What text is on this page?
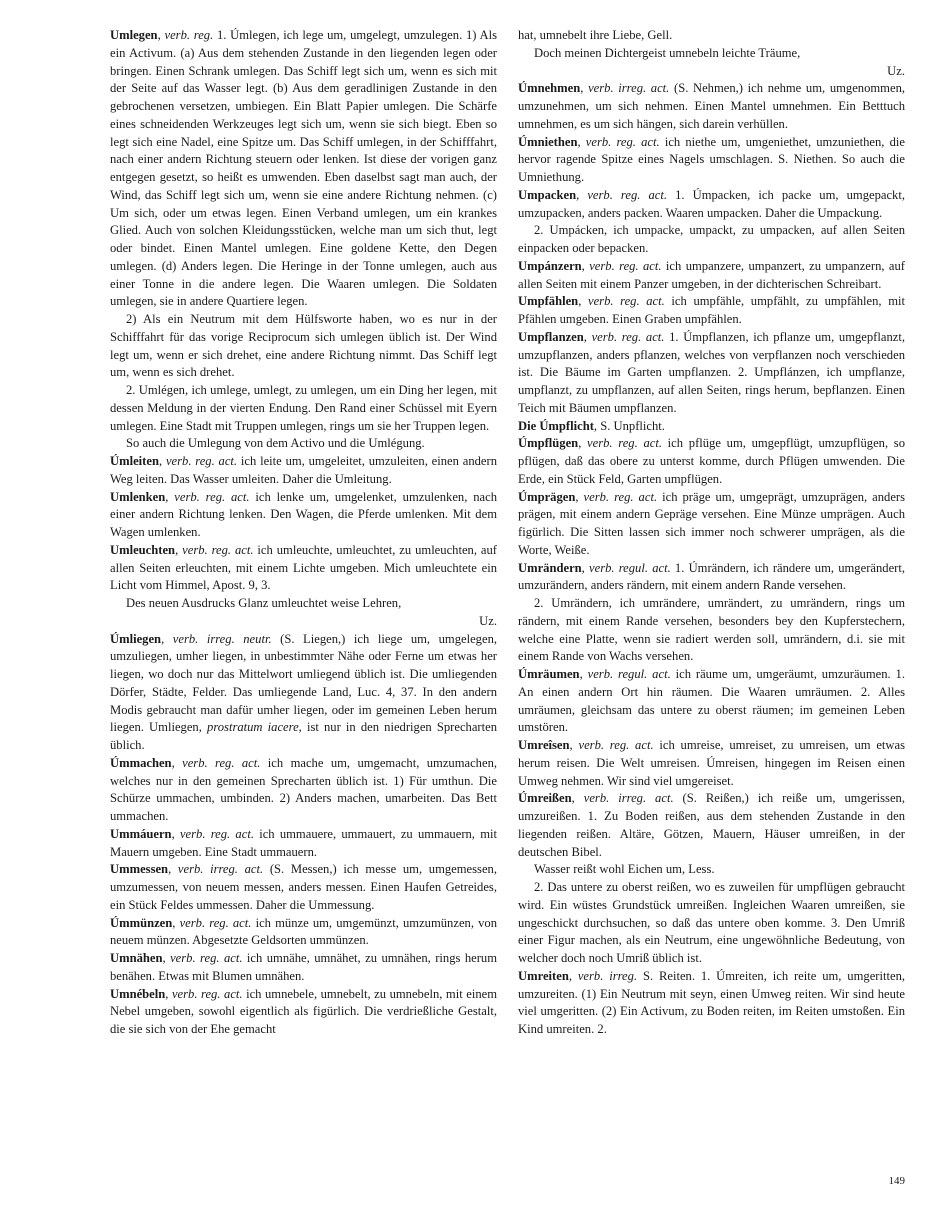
Umlegen, verb. reg. 1. Úmlegen, ich lege um, umgelegt, umzulegen. 1) Als ein Activum. (a) Aus dem stehenden Zustande in den liegenden legen oder bringen. Einen Schrank umlegen. Das Schiff legt sich um, wenn es sich mit der Seite auf das Wasser legt. (b) Aus dem geradlinigen Zustande in den gebrochenen versetzen, umbiegen. Ein Blatt Papier umlegen. Die Schärfe eines schneidenden Werkzeuges legt sich um, wenn sie sich biegt. Eben so legt sich eine Nadel, eine Spitze um. Das Schiff umlegen, in der Schifffahrt, nach einer andern Richtung steuern oder lenken. Ist diese der vorigen ganz entgegen gesetzt, so heißt es umwenden. Eben daselbst sagt man auch, der Wind, das Schiff legt sich um, wenn sie eine andere Richtung nehmen. (c) Um sich, oder um etwas legen. Einen Verband umlegen, um ein krankes Glied. Auch von solchen Kleidungsstücken, welche man um sich thut, legt oder bindet. Einen Mantel umlegen. Eine goldene Kette, den Degen umlegen. (d) Anders legen. Die Heringe in der Tonne umlegen, auch aus einer Tonne in die andere legen. Die Waaren umlegen. Die Soldaten umlegen, sie in andere Quartiere legen.

2) Als ein Neutrum mit dem Hülfsworte haben, wo es nur in der Schifffahrt für das vorige Reciprocum sich umlegen üblich ist. Der Wind legt um, wenn er sich drehet, eine andere Richtung nimmt. Das Schiff legt um, wenn es sich drehet.

2. Umlégen, ich umlege, umlegt, zu umlegen, um ein Ding her legen, mit dessen Meldung in der vierten Endung. Den Rand einer Schüssel mit Eyern umlegen. Eine Stadt mit Truppen umlegen, rings um sie her Truppen legen.

So auch die Umlegung von dem Activo und die Umlégung.

Úmleiten, verb. reg. act. ich leite um, umgeleitet, umzuleiten, einen andern Weg leiten. Das Wasser umleiten. Daher die Umleitung.

Umlenken, verb. reg. act. ich lenke um, umgelenket, umzulenken, nach einer andern Richtung lenken. Den Wagen, die Pferde umlenken. Mit dem Wagen umlenken.

Umleuchten, verb. reg. act. ich umleuchte, umleuchtet, zu umleuchten, auf allen Seiten erleuchten, mit einem Lichte umgeben. Mich umleuchtete ein Licht vom Himmel, Apost. 9, 3.

Des neuen Ausdrucks Glanz umleuchtet weise Lehren,

Uz.

Úmliegen, verb. irreg. neutr. (S. Liegen,) ich liege um, umgelegen, umzuliegen, umher liegen, in unbestimmter Nähe oder Ferne um etwas her liegen, wo doch nur das Mittelwort umliegend üblich ist. Die umliegenden Dörfer, Städte, Felder. Das umliegende Land, Luc. 4, 37. In den andern Modis gebraucht man dafür umher liegen, oder im gemeinen Leben herum liegen. Umliegen, prostratum iacere, ist nur in den niedrigen Sprecharten üblich.

Úmmachen, verb. reg. act. ich mache um, umgemacht, umzumachen, welches nur in den gemeinen Sprecharten üblich ist. 1) Für umthun. Die Schürze ummachen, umbinden. 2) Anders machen, umarbeiten. Das Bett ummachen.

Ummáuern, verb. reg. act. ich ummauere, ummauert, zu ummauern, mit Mauern umgeben. Eine Stadt ummauern.

Ummessen, verb. irreg. act. (S. Messen,) ich messe um, umgemessen, umzumessen, von neuem messen, anders messen. Einen Haufen Getreides, ein Stück Feldes ummessen. Daher die Ummessung.

Úmmünzen, verb. reg. act. ich münze um, umgemünzt, umzumünzen, von neuem münzen. Abgesetzte Geldsorten ummünzen.

Umnähen, verb. reg. act. ich umnähe, umnähet, zu umnähen, rings herum benähen. Etwas mit Blumen umnähen.

Umnébeln, verb. reg. act. ich umnebele, umnebelt, zu umnebeln, mit einem Nebel umgeben, sowohl eigentlich als figürlich. Die verdrießliche Gestalt, die sie sich von der Ehe gemacht

hat, umnebelt ihre Liebe, Gell.

Doch meinen Dichtergeist umnebeln leichte Träume,

Uz.

Úmnehmen, verb. irreg. act. (S. Nehmen,) ich nehme um, umgenommen, umzunehmen, um sich nehmen. Einen Mantel umnehmen. Ein Betttuch umnehmen, es um sich hängen, sich darein verhüllen.

Úmniethen, verb. reg. act. ich niethe um, umgeniethet, umzuniethen, die hervor ragende Spitze eines Nagels umschlagen. S. Niethen. So auch die Umniethung.

Umpacken, verb. reg. act. 1. Úmpacken, ich packe um, umgepackt, umzupacken, anders packen. Waaren umpacken. Daher die Umpackung.

2. Umpácken, ich umpacke, umpackt, zu umpacken, auf allen Seiten einpacken oder bepacken.

Umpánzern, verb. reg. act. ich umpanzere, umpanzert, zu umpanzern, auf allen Seiten mit einem Panzer umgeben, in der dichterischen Schreibart.

Umpfählen, verb. reg. act. ich umpfähle, umpfählt, zu umpfählen, mit Pfählen umgeben. Einen Graben umpfählen.

Umpflanzen, verb. reg. act. 1. Úmpflanzen, ich pflanze um, umgepflanzt, umzupflanzen, anders pflanzen, welches von verpflanzen noch verschieden ist. Die Bäume im Garten umpflanzen. 2. Umpflánzen, ich umpflanze, umpflanzt, zu umpflanzen, auf allen Seiten, rings herum, bepflanzen. Einen Teich mit Bäumen umpflanzen.

Die Úmpflicht, S. Unpflicht.

Úmpflügen, verb. reg. act. ich pflüge um, umgepflügt, umzupflügen, so pflügen, daß das obere zu unterst komme, durch Pflügen umwenden. Die Erde, ein Stück Feld, Garten umpflügen.

Úmprägen, verb. reg. act. ich präge um, umgeprägt, umzuprägen, anders prägen, mit einem andern Gepräge versehen. Eine Münze umprägen. Auch figürlich. Die Sitten lassen sich immer noch schwerer umprägen, als die Worte, Weiße.

Umrändern, verb. regul. act. 1. Úmrändern, ich rändere um, umgerändert, umzurändern, anders rändern, mit einem andern Rande versehen.

2. Umrändern, ich umrändere, umrändert, zu umrändern, rings um rändern, mit einem Rande versehen, besonders bey den Kupferstechern, welche eine Platte, wenn sie radiert werden soll, umrändern, d.i. sie mit einem Rande von Wachs versehen.

Úmräumen, verb. regul. act. ich räume um, umgeräumt, umzuräumen. 1. An einen andern Ort hin räumen. Die Waaren umräumen. 2. Alles umräumen, gleichsam das untere zu oberst räumen; im gemeinen Leben umstören.

Umreîsen, verb. reg. act. ich umreise, umreiset, zu umreisen, um etwas herum reisen. Die Welt umreisen. Úmreisen, hingegen im Reisen einen Umweg nehmen. Wir sind viel umgereiset.

Úmreißen, verb. irreg. act. (S. Reißen,) ich reiße um, umgerissen, umzureißen. 1. Zu Boden reißen, aus dem stehenden Zustande in den liegenden reißen. Altäre, Götzen, Mauern, Häuser umreißen, in der deutschen Bibel.

Wasser reißt wohl Eichen um, Less.

2. Das untere zu oberst reißen, wo es zuweilen für umpflügen gebraucht wird. Ein wüstes Grundstück umreißen. Ingleichen Waaren umreißen, sie ungeschickt durchsuchen, so daß das untere oben komme. 3. Den Umriß einer Figur machen, als ein Neutrum, eine ungewöhnliche Bedeutung, von welcher doch noch Umriß üblich ist.

Umreiten, verb. irreg. S. Reiten. 1. Úmreiten, ich reite um, umgeritten, umzureiten. (1) Ein Neutrum mit seyn, einen Umweg reiten. Wir sind heute viel umgeritten. (2) Ein Activum, zu Boden reiten, im Reiten umstoßen. Ein Kind umreiten. 2.

149
